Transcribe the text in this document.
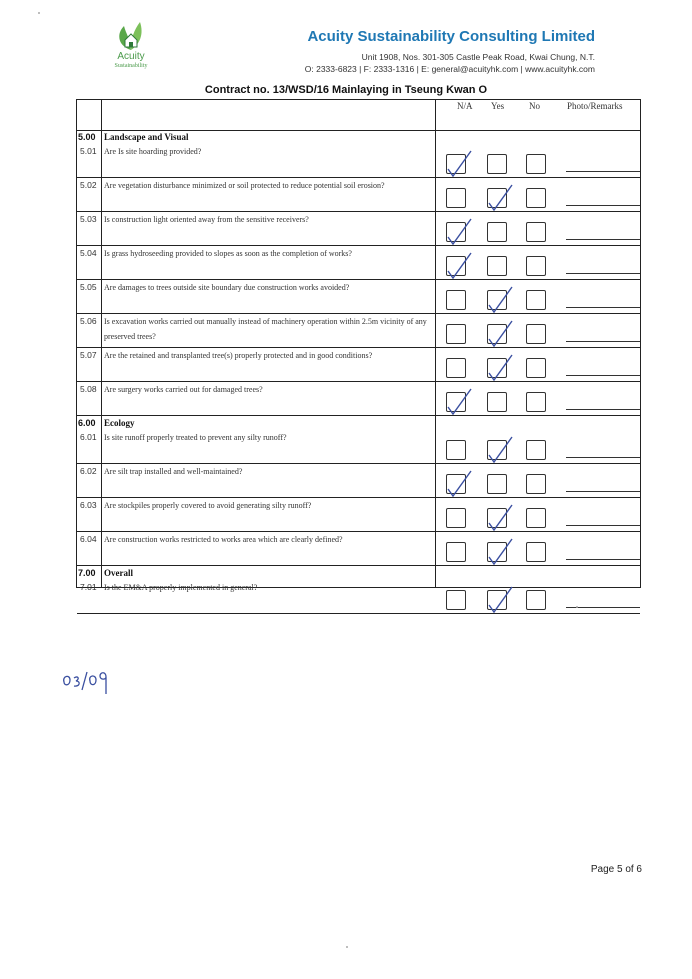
Acuity
Sustainability
Acuity Sustainability Consulting Limited
Unit 1908, Nos. 301-305 Castle Peak Road, Kwai Chung, N.T.
O: 2333-6823 | F: 2333-1316 | E: general@acuityhk.com | www.acuityhk.com
Contract no. 13/WSD/16 Mainlaying in Tseung Kwan O
N/A Yes	No	Photo/Remarks
5.00 Landscape and Visual
5.01 Are Is site hoarding provided?
5.02 Are vegetation disturbance minimized or soil protected to reduce potential soil erosion?
5.03 Is construction light oriented away from the sensitive receivers?
5.04 Is grass hydroseeding provided to slopes as soon as the completion of works?
5.05 Are damages to trees outside site boundary due construction works avoided?
5.06 Is excavation works carried out manually instead of machinery operation within 2.5m vicinity of any preserved trees?
5.07 Are the retained and transplanted tree(s) properly protected and in good conditions?
5.08 Are surgery works carried out for damaged trees?
6.00 Ecology
6.01 Is site runoff properly treated to prevent any silty runoff?
6.02 Are silt trap installed and well-maintained?
6.03 Are stockpiles properly covered to avoid generating silty runoff?
6.04 Are construction works restricted to works area which are clearly defined?
7.00 Overall
7.01 Is the EM&A properly implemented in general?
Page 5 of 6
